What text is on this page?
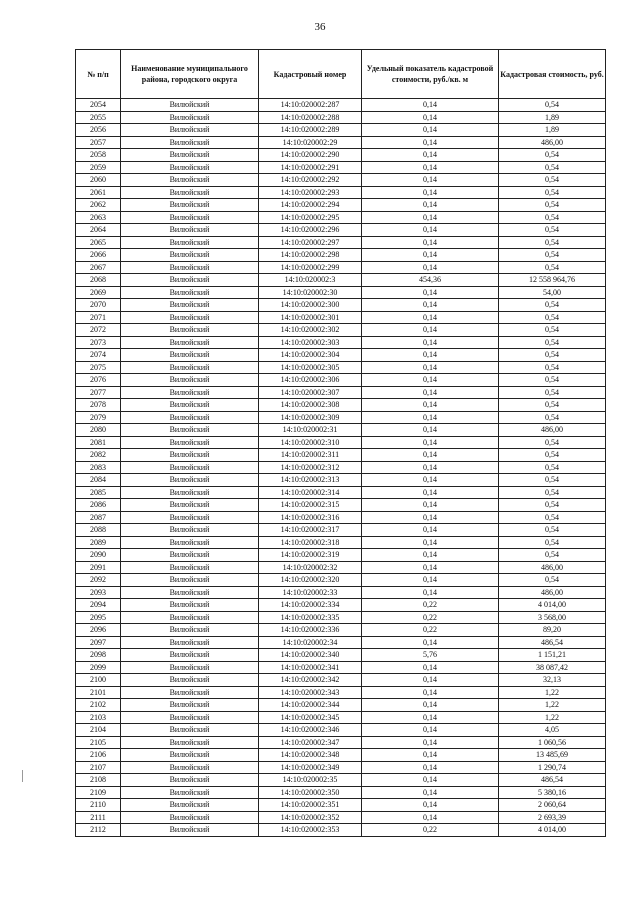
36
№ п/п	Наименование муниципального района, городского округа	Кадастровый номер	Удельный показатель кадастровой стоимости, руб./кв. м	Кадастровая стоимость, руб.
2054	Вилюйский	14:10:020002:287	0,14	0,54
2055	Вилюйский	14:10:020002:288	0,14	1,89
2056	Вилюйский	14:10:020002:289	0,14	1,89
2057	Вилюйский	14:10:020002:29	0,14	486,00
2058	Вилюйский	14:10:020002:290	0,14	0,54
2059	Вилюйский	14:10:020002:291	0,14	0,54
2060	Вилюйский	14:10:020002:292	0,14	0,54
2061	Вилюйский	14:10:020002:293	0,14	0,54
2062	Вилюйский	14:10:020002:294	0,14	0,54
2063	Вилюйский	14:10:020002:295	0,14	0,54
2064	Вилюйский	14:10:020002:296	0,14	0,54
2065	Вилюйский	14:10:020002:297	0,14	0,54
2066	Вилюйский	14:10:020002:298	0,14	0,54
2067	Вилюйский	14:10:020002:299	0,14	0,54
2068	Вилюйский	14:10:020002:3	454,36	12 558 964,76
2069	Вилюйский	14:10:020002:30	0,14	54,00
2070	Вилюйский	14:10:020002:300	0,14	0,54
2071	Вилюйский	14:10:020002:301	0,14	0,54
2072	Вилюйский	14:10:020002:302	0,14	0,54
2073	Вилюйский	14:10:020002:303	0,14	0,54
2074	Вилюйский	14:10:020002:304	0,14	0,54
2075	Вилюйский	14:10:020002:305	0,14	0,54
2076	Вилюйский	14:10:020002:306	0,14	0,54
2077	Вилюйский	14:10:020002:307	0,14	0,54
2078	Вилюйский	14:10:020002:308	0,14	0,54
2079	Вилюйский	14:10:020002:309	0,14	0,54
2080	Вилюйский	14:10:020002:31	0,14	486,00
2081	Вилюйский	14:10:020002:310	0,14	0,54
2082	Вилюйский	14:10:020002:311	0,14	0,54
2083	Вилюйский	14:10:020002:312	0,14	0,54
2084	Вилюйский	14:10:020002:313	0,14	0,54
2085	Вилюйский	14:10:020002:314	0,14	0,54
2086	Вилюйский	14:10:020002:315	0,14	0,54
2087	Вилюйский	14:10:020002:316	0,14	0,54
2088	Вилюйский	14:10:020002:317	0,14	0,54
2089	Вилюйский	14:10:020002:318	0,14	0,54
2090	Вилюйский	14:10:020002:319	0,14	0,54
2091	Вилюйский	14:10:020002:32	0,14	486,00
2092	Вилюйский	14:10:020002:320	0,14	0,54
2093	Вилюйский	14:10:020002:33	0,14	486,00
2094	Вилюйский	14:10:020002:334	0,22	4 014,00
2095	Вилюйский	14:10:020002:335	0,22	3 568,00
2096	Вилюйский	14:10:020002:336	0,22	89,20
2097	Вилюйский	14:10:020002:34	0,14	486,54
2098	Вилюйский	14:10:020002:340	5,76	1 151,21
2099	Вилюйский	14:10:020002:341	0,14	38 087,42
2100	Вилюйский	14:10:020002:342	0,14	32,13
2101	Вилюйский	14:10:020002:343	0,14	1,22
2102	Вилюйский	14:10:020002:344	0,14	1,22
2103	Вилюйский	14:10:020002:345	0,14	1,22
2104	Вилюйский	14:10:020002:346	0,14	4,05
2105	Вилюйский	14:10:020002:347	0,14	1 060,56
2106	Вилюйский	14:10:020002:348	0,14	13 485,69
2107	Вилюйский	14:10:020002:349	0,14	1 290,74
2108	Вилюйский	14:10:020002:35	0,14	486,54
2109	Вилюйский	14:10:020002:350	0,14	5 380,16
2110	Вилюйский	14:10:020002:351	0,14	2 060,64
2111	Вилюйский	14:10:020002:352	0,14	2 693,39
2112	Вилюйский	14:10:020002:353	0,22	4 014,00
